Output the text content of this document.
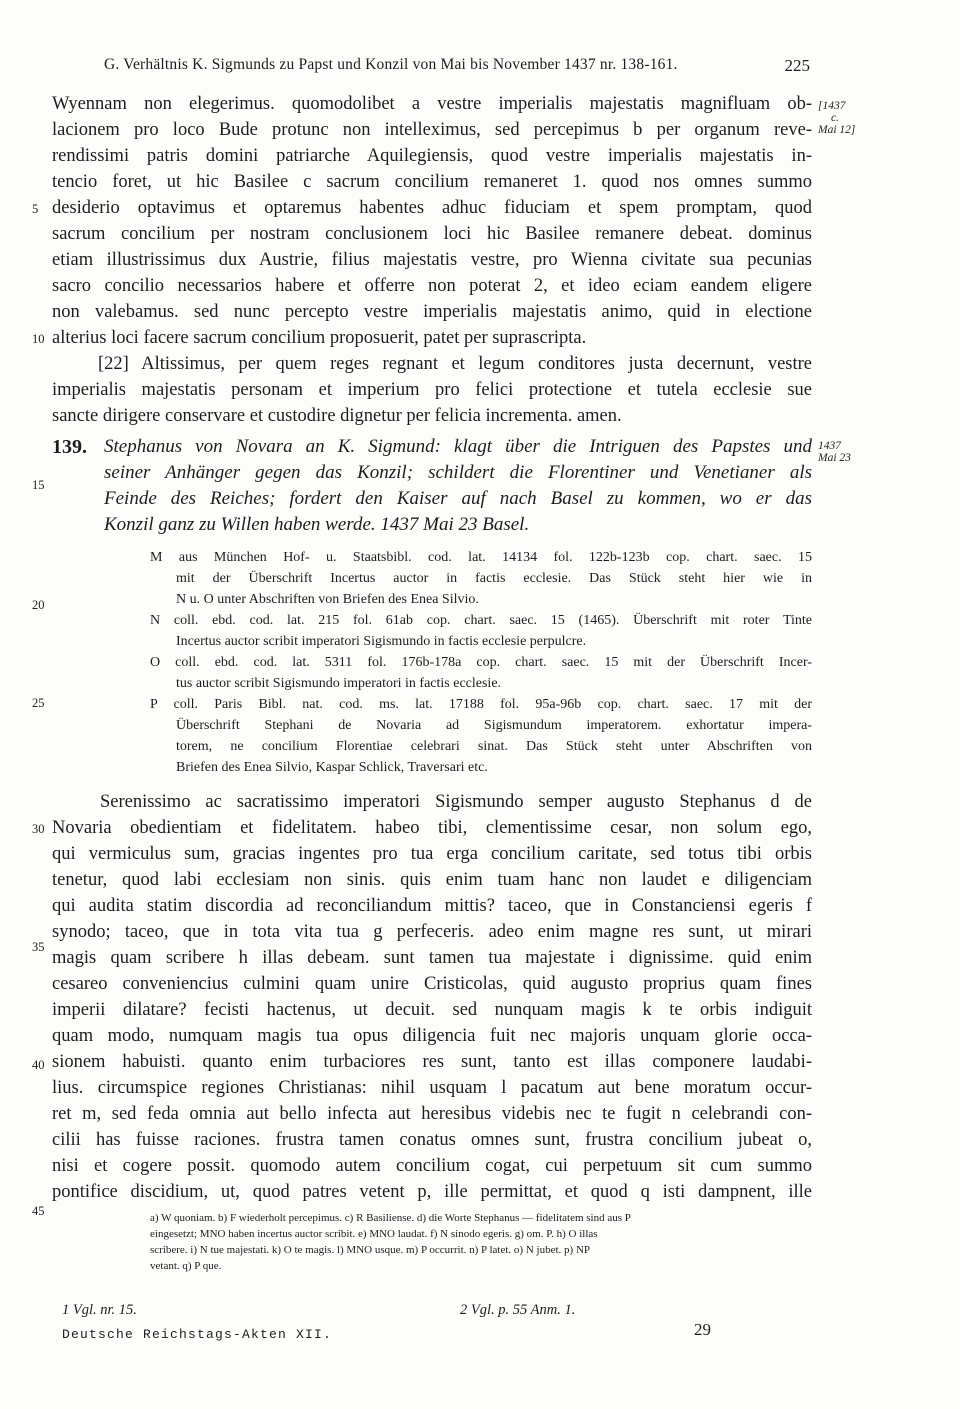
G. Verhältnis K. Sigmunds zu Papst und Konzil von Mai bis November 1437 nr. 138-161.	225
[1437
c.
Mai 12]
Wyennam non elegerimus. quomodolibet a vestre imperialis majestatis magnifluam ob-
lacionem pro loco Bude protunc non intelleximus, sed percepimus b per organum reve-
rendissimi patris domini patriarche Aquilegiensis, quod vestre imperialis majestatis in-
tencio foret, ut hic Basilee c sacrum concilium remaneret 1. quod nos omnes summo
desiderio optavimus et optaremus habentes adhuc fiduciam et spem promptam, quod
sacrum concilium per nostram conclusionem loci hic Basilee remanere debeat. dominus
etiam illustrissimus dux Austrie, filius majestatis vestre, pro Wienna civitate sua pecunias
sacro concilio necessarios habere et offerre non poterat 2, et ideo eciam eandem eligere
non valebamus. sed nunc percepto vestre imperialis majestatis animo, quid in electione
alterius loci facere sacrum concilium proposuerit, patet per suprascripta.
[22] Altissimus, per quem reges regnant et legum conditores justa decernunt, vestre
imperialis majestatis personam et imperium pro felici protectione et tutela ecclesie sue
sancte dirigere conservare et custodire dignetur per felicia incrementa. amen.
5
10
15
20
25
30
35
40
45
139. Stephanus von Novara an K. Sigmund: klagt über die Intriguen des Papstes und
seiner Anhänger gegen das Konzil; schildert die Florentiner und Venetianer als
Feinde des Reiches; fordert den Kaiser auf nach Basel zu kommen, wo er das
Konzil ganz zu Willen haben werde. 1437 Mai 23 Basel.
1437
Mai 23
M aus München Hof- u. Staatsbibl. cod. lat. 14134 fol. 122b-123b cop. chart. saec. 15
mit der Überschrift Incertus auctor in factis ecclesie. Das Stück steht hier wie in
N u. O unter Abschriften von Briefen des Enea Silvio.
N coll. ebd. cod. lat. 215 fol. 61ab cop. chart. saec. 15 (1465). Überschrift mit roter Tinte
Incertus auctor scribit imperatori Sigismundo in factis ecclesie perpulcre.
O coll. ebd. cod. lat. 5311 fol. 176b-178a cop. chart. saec. 15 mit der Überschrift Incer-
tus auctor scribit Sigismundo imperatori in factis ecclesie.
P coll. Paris Bibl. nat. cod. ms. lat. 17188 fol. 95a-96b cop. chart. saec. 17 mit der
Überschrift Stephani de Novaria ad Sigismundum imperatorem. exhortatur impera-
torem, ne concilium Florentiae celebrari sinat. Das Stück steht unter Abschriften von
Briefen des Enea Silvio, Kaspar Schlick, Traversari etc.
Serenissimo ac sacratissimo imperatori Sigismundo semper augusto Stephanus d de
Novaria obedientiam et fidelitatem. habeo tibi, clementissime cesar, non solum ego,
qui vermiculus sum, gracias ingentes pro tua erga concilium caritate, sed totus tibi orbis
tenetur, quod labi ecclesiam non sinis. quis enim tuam hanc non laudet e diligenciam
qui audita statim discordia ad reconciliandum mittis? taceo, que in Constanciensi egeris f
synodo; taceo, que in tota vita tua g perfeceris. adeo enim magne res sunt, ut mirari
magis quam scribere h illas debeam. sunt tamen tua majestate i dignissime. quid enim
cesareo conveniencius culmini quam unire Cristicolas, quid augusto proprius quam fines
imperii dilatare? fecisti hactenus, ut decuit. sed nunquam magis k te orbis indiguit
quam modo, numquam magis tua opus diligencia fuit nec majoris unquam glorie occa-
sionem habuisti. quanto enim turbaciores res sunt, tanto est illas componere laudabi-
lius. circumspice regiones Christianas: nihil usquam l pacatum aut bene moratum occur-
ret m, sed feda omnia aut bello infecta aut heresibus videbis nec te fugit n celebrandi con-
cilii has fuisse raciones. frustra tamen conatus omnes sunt, frustra concilium jubeat o,
nisi et cogere possit. quomodo autem concilium cogat, cui perpetuum sit cum summo
pontifice discidium, ut, quod patres vetent p, ille permittat, et quod q isti dampnent, ille
a) W quoniam. b) F wiederholt percepimus. c) R Basiliense. d) die Worte Stephanus — fidelitatem sind aus P
eingesetzt; MNO haben incertus auctor scribit. e) MNO laudat. f) N sinodo egeris. g) om. P. h) O illas
scribere. i) N tue majestati. k) O te magis. l) MNO usque. m) P occurrit. n) P latet. o) N jubet. p) NP
vetant. q) P que.
1 Vgl. nr. 15.	2 Vgl. p. 55 Anm. 1.
Deutsche Reichstags-Akten XII.	29
